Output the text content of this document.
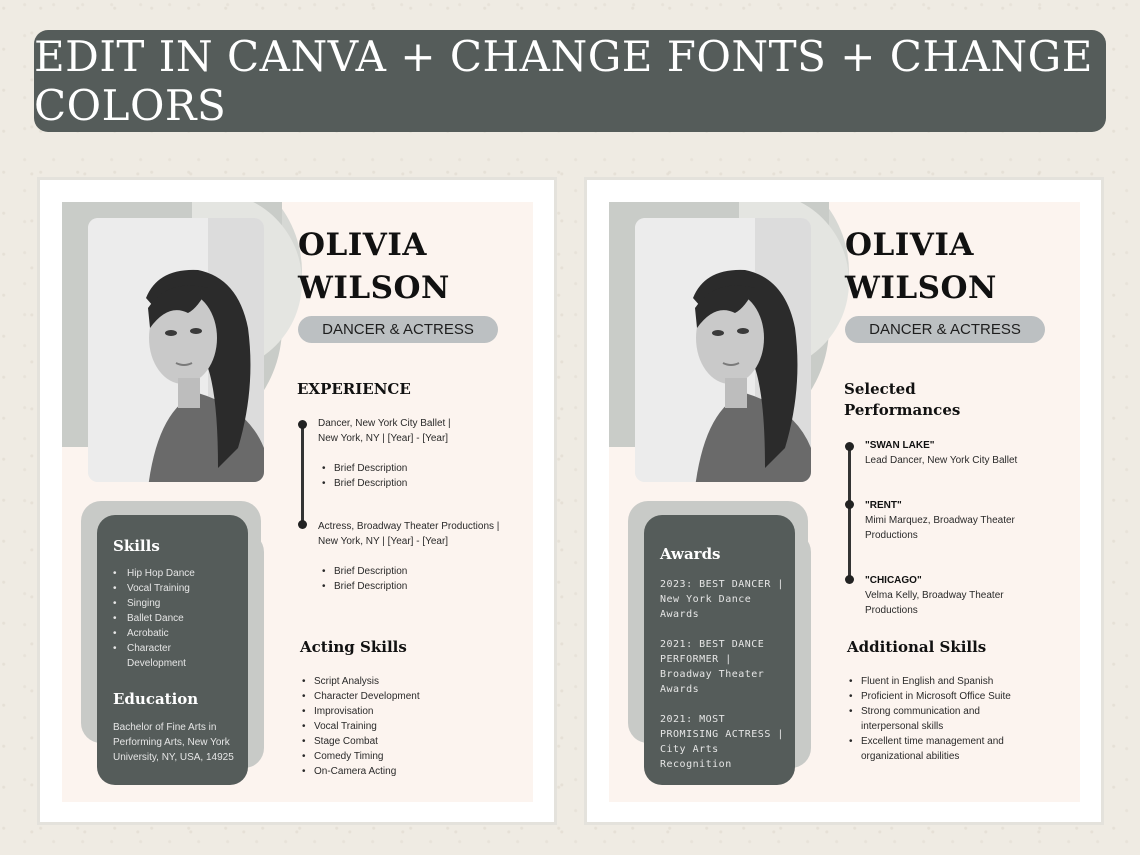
EDIT IN CANVA + CHANGE FONTS + CHANGE COLORS
OLIVIA
WILSON
DANCER & ACTRESS
EXPERIENCE
Dancer, New York City Ballet |
New York, NY | [Year] - [Year]
• Brief Description
• Brief Description
Actress, Broadway Theater Productions |
New York, NY | [Year] - [Year]
• Brief Description
• Brief Description
Skills
• Hip Hop Dance
• Vocal Training
• Singing
• Ballet Dance
• Acrobatic
• Character
Development
Education
Bachelor of Fine Arts in
Performing Arts, New York
University, NY, USA, 14925
Acting Skills
• Script Analysis
• Character Development
• Improvisation
• Vocal Training
• Stage Combat
• Comedy Timing
• On-Camera Acting
OLIVIA
WILSON
DANCER & ACTRESS
Selected
Performances
"SWAN LAKE"
Lead Dancer, New York City Ballet
"RENT"
Mimi Marquez, Broadway Theater
Productions
"CHICAGO"
Velma Kelly, Broadway Theater
Productions
Awards
2023: BEST DANCER |
New York Dance
Awards
2021: BEST DANCE
PERFORMER |
Broadway Theater
Awards
2021: MOST
PROMISING ACTRESS |
City Arts Recognition
Additional Skills
• Fluent in English and Spanish
• Proficient in Microsoft Office Suite
• Strong communication and
interpersonal skills
• Excellent time management and
organizational abilities
